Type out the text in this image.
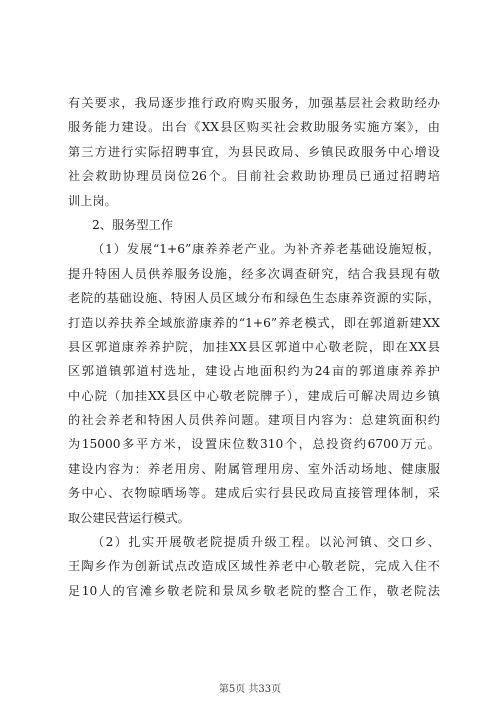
有关要求，我局逐步推行政府购买服务，加强基层社会救助经办
服务能力建设。出台《XX县区购买社会救助服务实施方案》，由
第三方进行实际招聘事宜，为县民政局、乡镇民政服务中心增设
社会救助协理员岗位26个。目前社会救助协理员已通过招聘培
训上岗。
2、服务型工作
（1）发展“1+6”康养养老产业。为补齐养老基础设施短板，
提升特困人员供养服务设施，经多次调查研究，结合我县现有敬
老院的基础设施、特困人员区域分布和绿色生态康养资源的实际，
打造以养扶养全域旅游康养的“1+6”养老模式，即在郭道新建XX
县区郭道康养养护院，加挂XX县区郭道中心敬老院，即在XX县
区郭道镇郭道村选址，建设占地面积约为24亩的郭道康养养护
中心院（加挂XX县区中心敬老院牌子），建成后可解决周边乡镇
的社会养老和特困人员供养问题。建项目内容为：总建筑面积约
为15000多平方米，设置床位数310个，总投资约6700万元。
建设内容为：养老用房、附属管理用房、室外活动场地、健康服
务中心、衣物晾晒场等。建成后实行县民政局直接管理体制，采
取公建民营运行模式。
（2）扎实开展敬老院提质升级工程。以沁河镇、交口乡、
王陶乡作为创新试点改造成区域性养老中心敬老院，完成入住不
足10人的官滩乡敬老院和景凤乡敬老院的整合工作，敬老院法
第5页 共33页
